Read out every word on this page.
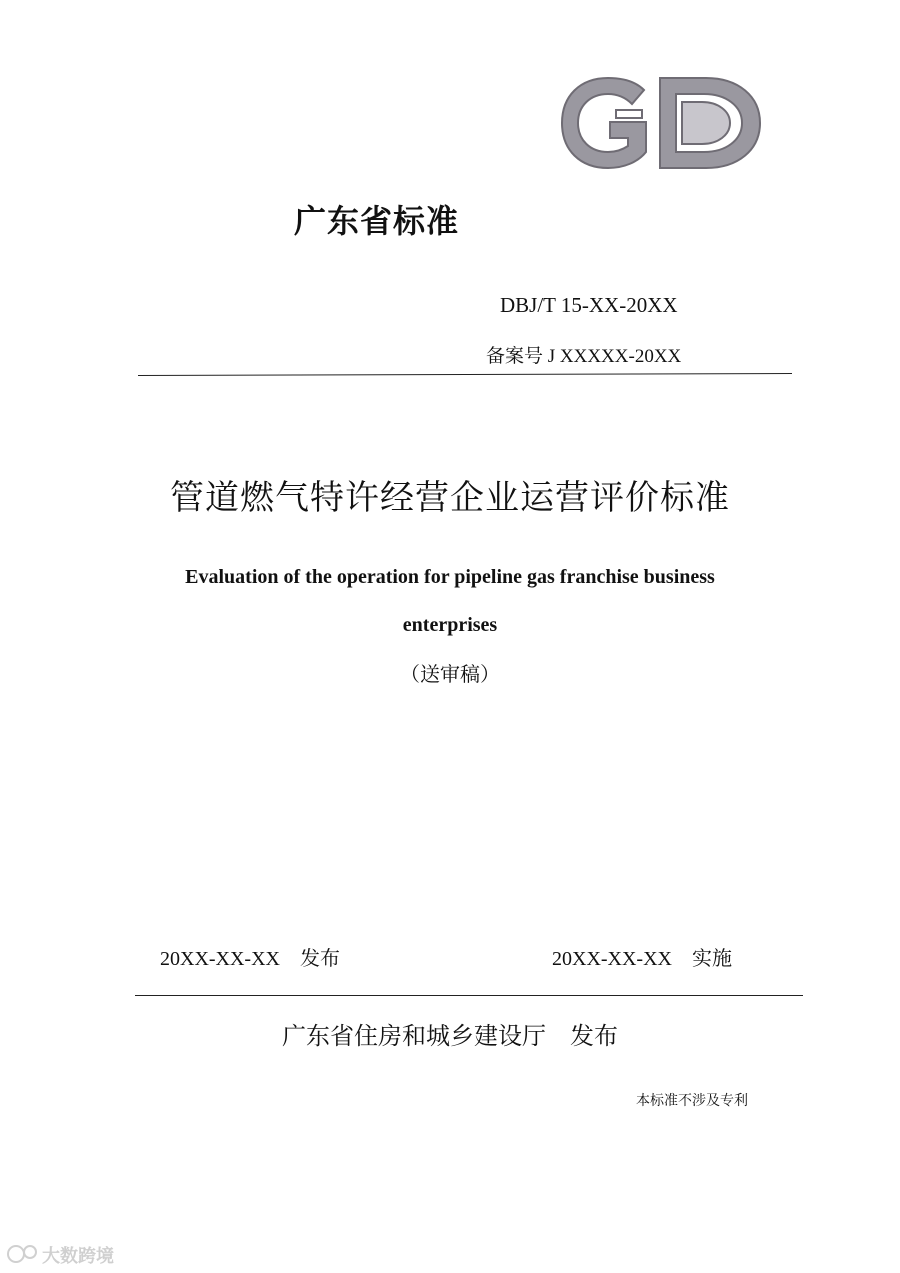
广东省标准
DBJ/T 15-XX-20XX
备案号 J XXXXX-20XX
管道燃气特许经营企业运营评价标准
Evaluation of the operation for pipeline gas franchise business
enterprises
（送审稿）
20XX-XX-XX　发布	20XX-XX-XX　实施
广东省住房和城乡建设厅　发布
本标准不涉及专利
大数跨境
